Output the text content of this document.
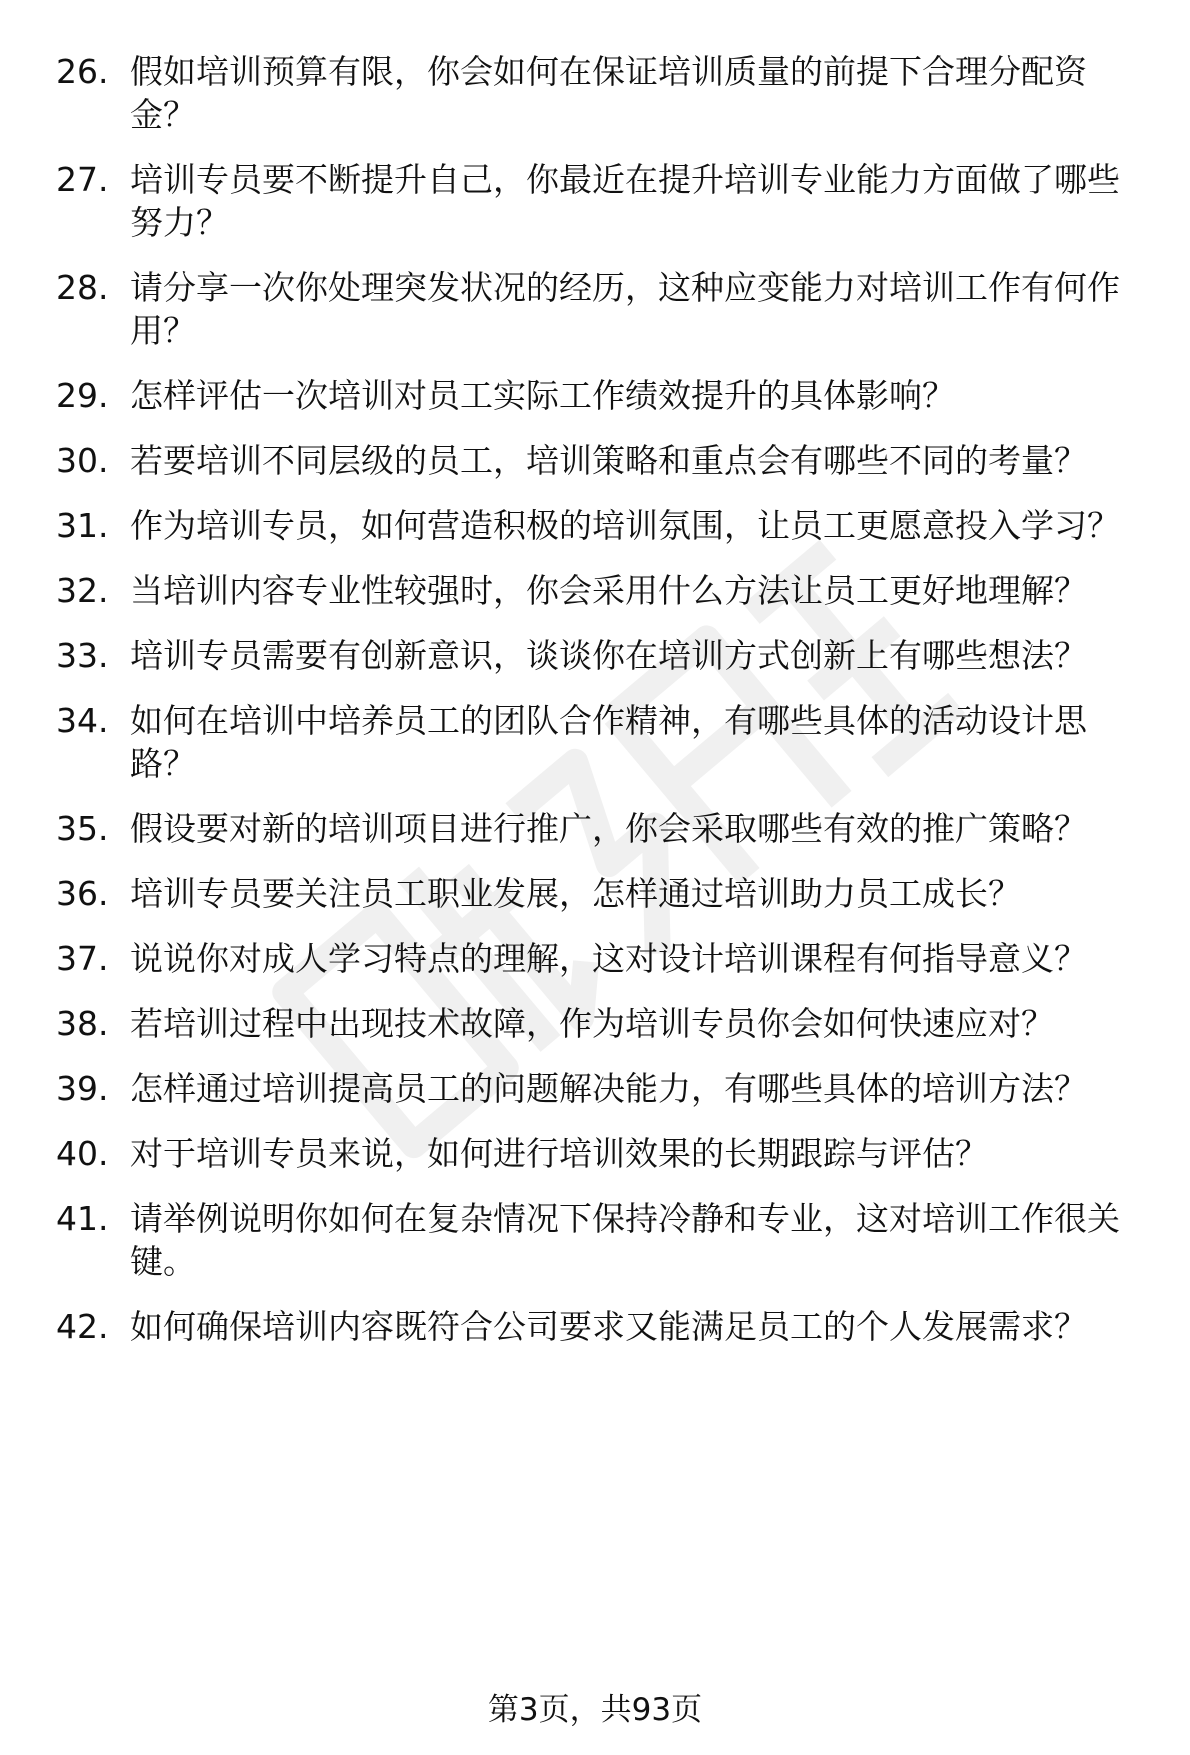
26. 假如培训预算有限，你会如何在保证培训质量的前提下合理分配资金？
27. 培训专员要不断提升自己，你最近在提升培训专业能力方面做了哪些努力？
28. 请分享一次你处理突发状况的经历，这种应变能力对培训工作有何作用？
29. 怎样评估一次培训对员工实际工作绩效提升的具体影响？
30. 若要培训不同层级的员工，培训策略和重点会有哪些不同的考量？
31. 作为培训专员，如何营造积极的培训氛围，让员工更愿意投入学习？
32. 当培训内容专业性较强时，你会采用什么方法让员工更好地理解？
33. 培训专员需要有创新意识，谈谈你在培训方式创新上有哪些想法？
34. 如何在培训中培养员工的团队合作精神，有哪些具体的活动设计思路？
35. 假设要对新的培训项目进行推广，你会采取哪些有效的推广策略？
36. 培训专员要关注员工职业发展，怎样通过培训助力员工成长？
37. 说说你对成人学习特点的理解，这对设计培训课程有何指导意义？
38. 若培训过程中出现技术故障，作为培训专员你会如何快速应对？
39. 怎样通过培训提高员工的问题解决能力，有哪些具体的培训方法？
40. 对于培训专员来说，如何进行培训效果的长期跟踪与评估？
41. 请举例说明你如何在复杂情况下保持冷静和专业，这对培训工作很关键。
42. 如何确保培训内容既符合公司要求又能满足员工的个人发展需求？
第3页，共93页
